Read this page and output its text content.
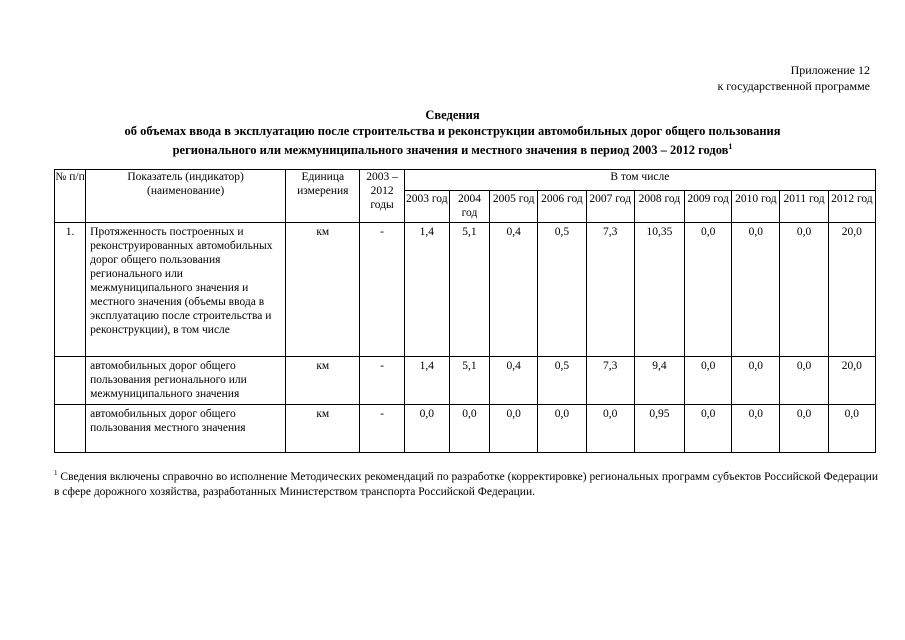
Приложение 12
к государственной программе
Сведения
об объемах ввода в эксплуатацию после строительства и реконструкции автомобильных дорог общего пользования
регионального или межмуниципального значения и местного значения в период 2003 – 2012 годов$^1$
№ п/п	Показатель (индикатор) (наименование)	Единица измерения	2003 – 2012 годы	В том числе									
				2003 год	2004 год	2005 год	2006 год	2007 год	2008 год	2009 год	2010 год	2011 год	2012 год
1.	Протяженность построенных и реконструированных автомобильных дорог общего пользования регионального или межмуниципального значения и местного значения (объемы ввода в эксплуатацию после строительства и реконструкции), в том числе	км	-	1,4	5,1	0,4	0,5	7,3	10,35	0,0	0,0	0,0	20,0
	автомобильных дорог общего пользования регионального или межмуниципального значения	км	-	1,4	5,1	0,4	0,5	7,3	9,4	0,0	0,0	0,0	20,0
	автомобильных дорог общего пользования местного значения	км	-	0,0	0,0	0,0	0,0	0,0	0,95	0,0	0,0	0,0	0,0
$^1$ Сведения включены справочно во исполнение Методических рекомендаций по разработке (корректировке) региональных программ субъектов Российской Федерации в сфере дорожного хозяйства, разработанных Министерством транспорта Российской Федерации.
